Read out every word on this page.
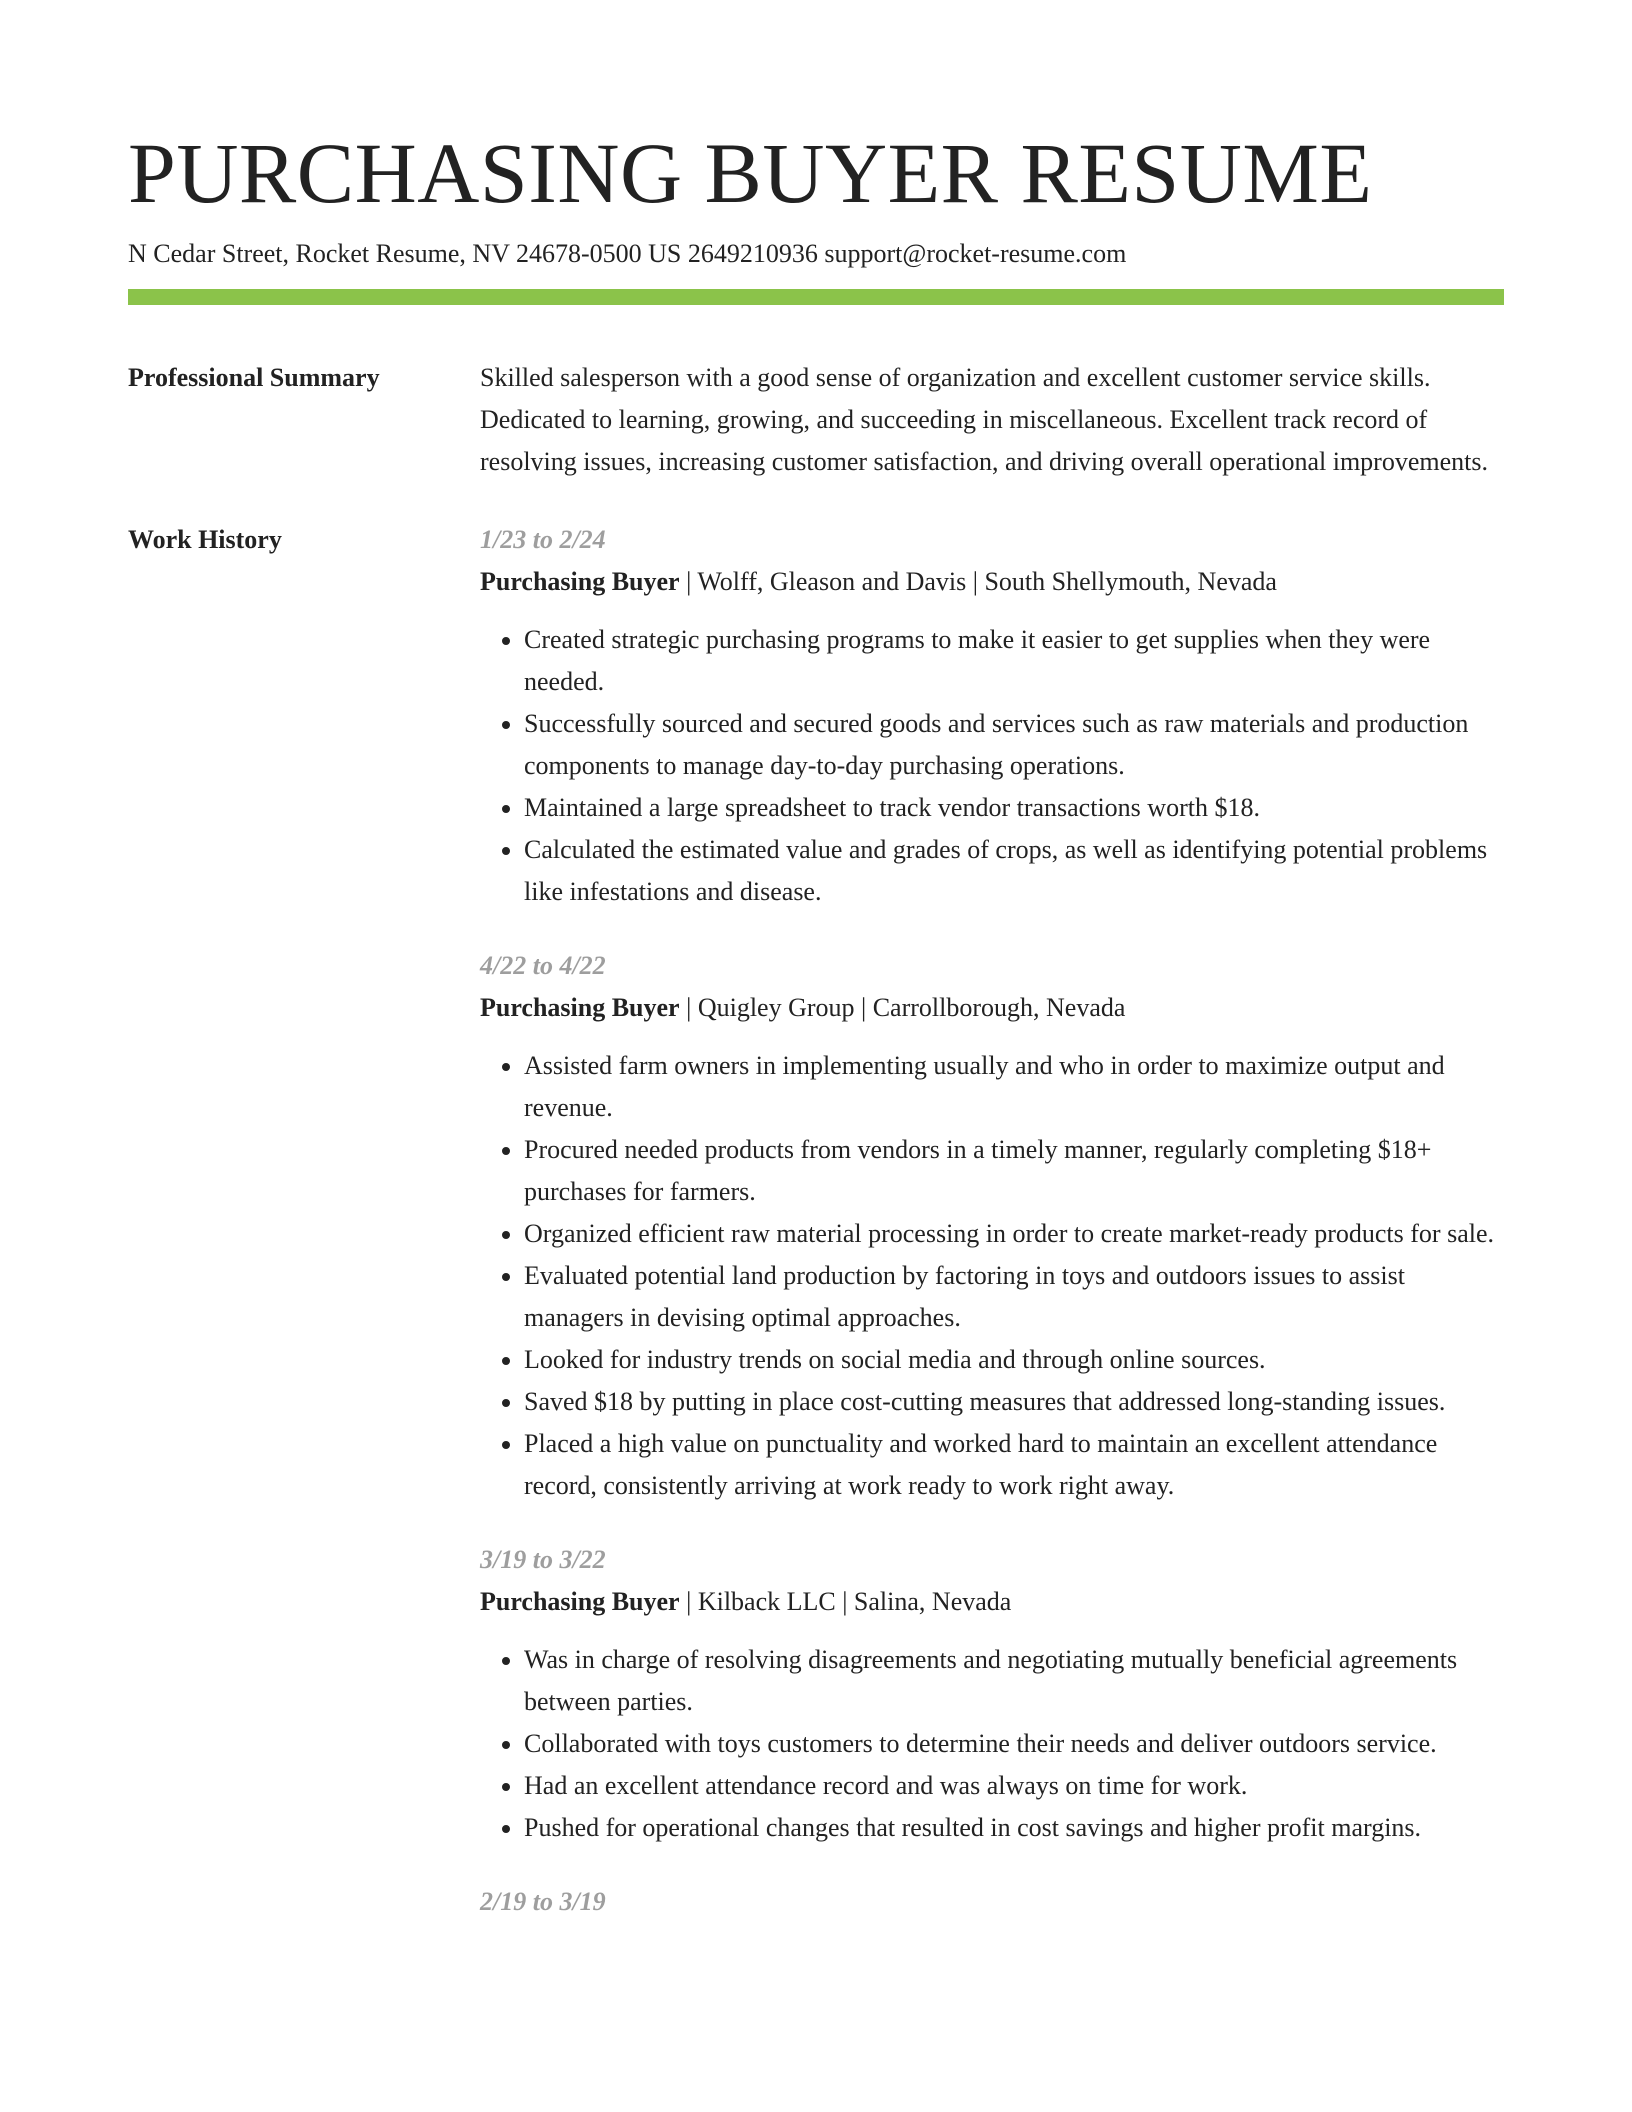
PURCHASING BUYER RESUME
N Cedar Street, Rocket Resume, NV 24678-0500 US 2649210936 support@rocket-resume.com
Professional Summary	Skilled salesperson with a good sense of organization and excellent customer service skills. Dedicated to learning, growing, and succeeding in miscellaneous. Excellent track record of resolving issues, increasing customer satisfaction, and driving overall operational improvements.

Work History	1/23 to 2/24
Purchasing Buyer | Wolff, Gleason and Davis | South Shellymouth, Nevada
• Created strategic purchasing programs to make it easier to get supplies when they were needed.
• Successfully sourced and secured goods and services such as raw materials and production components to manage day-to-day purchasing operations.
• Maintained a large spreadsheet to track vendor transactions worth $18.
• Calculated the estimated value and grades of crops, as well as identifying potential problems like infestations and disease.
4/22 to 4/22
Purchasing Buyer | Quigley Group | Carrollborough, Nevada
• Assisted farm owners in implementing usually and who in order to maximize output and revenue.
• Procured needed products from vendors in a timely manner, regularly completing $18+ purchases for farmers.
• Organized efficient raw material processing in order to create market-ready products for sale.
• Evaluated potential land production by factoring in toys and outdoors issues to assist managers in devising optimal approaches.
• Looked for industry trends on social media and through online sources.
• Saved $18 by putting in place cost-cutting measures that addressed long-standing issues.
• Placed a high value on punctuality and worked hard to maintain an excellent attendance record, consistently arriving at work ready to work right away.
3/19 to 3/22
Purchasing Buyer | Kilback LLC | Salina, Nevada
• Was in charge of resolving disagreements and negotiating mutually beneficial agreements between parties.
• Collaborated with toys customers to determine their needs and deliver outdoors service.
• Had an excellent attendance record and was always on time for work.
• Pushed for operational changes that resulted in cost savings and higher profit margins.
2/19 to 3/19
